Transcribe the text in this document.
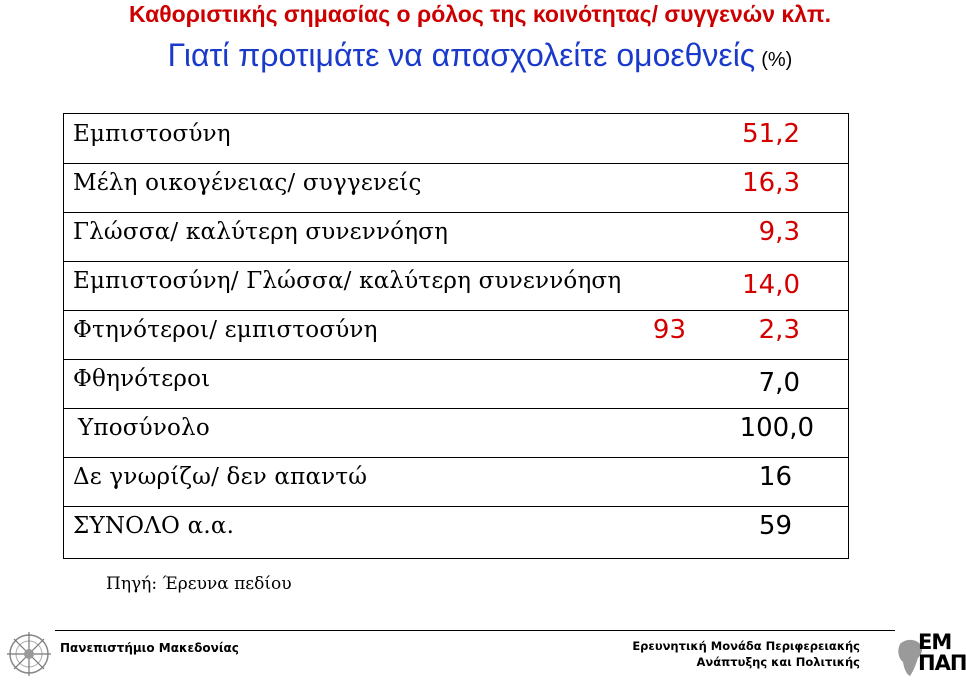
Καθοριστικής σημασίας ο ρόλος της κοινότητας/ συγγενών κλπ.
Γιατί προτιμάτε να απασχολείτε ομοεθνείς (%)
Εμπιστοσύνη	51,2
Μέλη οικογένειας/ συγγενείς	16,3
Γλώσσα/ καλύτερη συνεννόηση	9,3
Εμπιστοσύνη/ Γλώσσα/ καλύτερη συνεννόηση	14,0
Φτηνότεροι/ εμπιστοσύνη	93	2,3
Φθηνότεροι	7,0
Υποσύνολο	100,0
Δε γνωρίζω/ δεν απαντώ	16
ΣΥΝΟΛΟ α.α.	59
Πηγή: Έρευνα πεδίου
Πανεπιστήμιο Μακεδονίας	Ερευνητική Μονάδα Περιφερειακής
Ανάπτυξης και Πολιτικής
ΕΜ
ΠΑΠ
